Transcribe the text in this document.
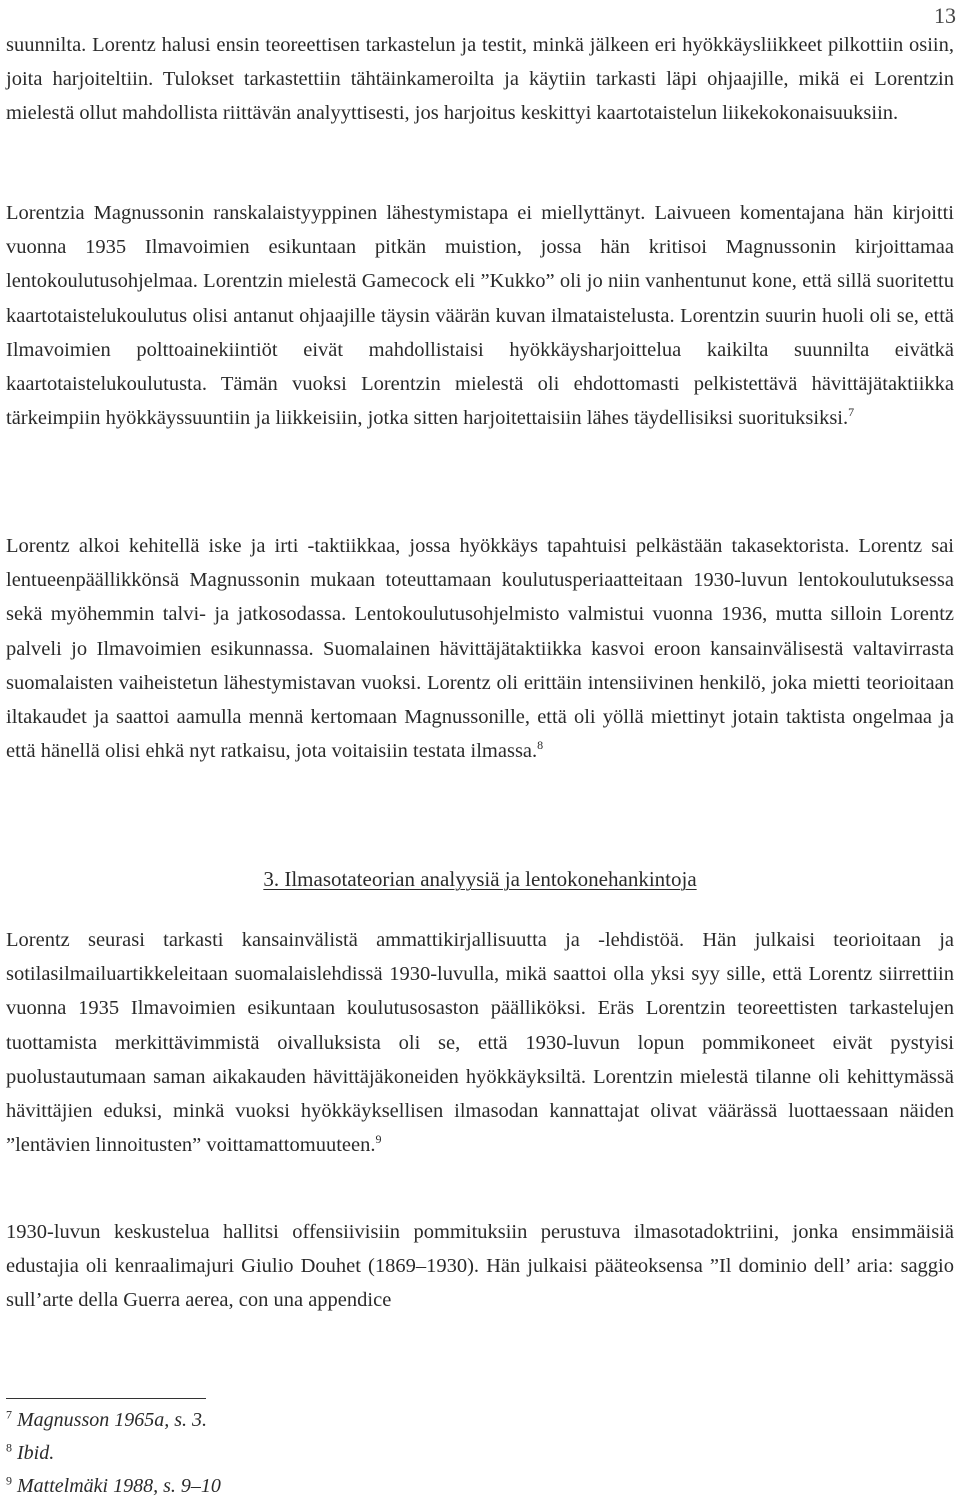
13

suunnilta. Lorentz halusi ensin teoreettisen tarkastelun ja testit, minkä jälkeen eri hyökkäysliikkeet pilkottiin osiin, joita harjoiteltiin. Tulokset tarkastettiin tähtäinkameroilta ja käytiin tarkasti läpi ohjaajille, mikä ei Lorentzin mielestä ollut mahdollista riittävän analyyttisesti, jos harjoitus keskittyi kaartotaistelun liikekokonaisuuksiin.

Lorentzia Magnussonin ranskalaistyyppinen lähestymistapa ei miellyttänyt. Laivueen komentajana hän kirjoitti vuonna 1935 Ilmavoimien esikuntaan pitkän muistion, jossa hän kritisoi Magnussonin kirjoittamaa lentokoulutusohjelmaa. Lorentzin mielestä Gamecock eli ”Kukko” oli jo niin vanhentunut kone, että sillä suoritettu kaartotaistelukoulutus olisi antanut ohjaajille täysin väärän kuvan ilmataistelusta. Lorentzin suurin huoli oli se, että Ilmavoimien polttoainekiintiöt eivät mahdollistaisi hyökkäysharjoittelua kaikilta suunnilta eivätkä kaartotaistelukoulutusta. Tämän vuoksi Lorentzin mielestä oli ehdottomasti pelkistettävä hävittäjätaktiikka tärkeimpiin hyökkäyssuuntiin ja liikkeisiin, jotka sitten harjoitettaisiin lähes täydellisiksi suorituksiksi.$^7$

Lorentz alkoi kehitellä iske ja irti -taktiikkaa, jossa hyökkäys tapahtuisi pelkästään takasektorista. Lorentz sai lentueenpäällikkönsä Magnussonin mukaan toteuttamaan koulutusperiaatteitaan 1930-luvun lentokoulutuksessa sekä myöhemmin talvi- ja jatkosodassa. Lentokoulutusohjelmisto valmistui vuonna 1936, mutta silloin Lorentz palveli jo Ilmavoimien esikunnassa. Suomalainen hävittäjätaktiikka kasvoi eroon kansainvälisestä valtavirrasta suomalaisten vaiheistetun lähestymistavan vuoksi. Lorentz oli erittäin intensiivinen henkilö, joka mietti teorioitaan iltakaudet ja saattoi aamulla mennä kertomaan Magnussonille, että oli yöllä miettinyt jotain taktista ongelmaa ja että hänellä olisi ehkä nyt ratkaisu, jota voitaisiin testata ilmassa.$^8$

3. Ilmasotateorian analyysiä ja lentokonehankintoja

Lorentz seurasi tarkasti kansainvälistä ammattikirjallisuutta ja -lehdistöä. Hän julkaisi teorioitaan ja sotilasilmailuartikkeleitaan suomalaislehdissä 1930-luvulla, mikä saattoi olla yksi syy sille, että Lorentz siirrettiin vuonna 1935 Ilmavoimien esikuntaan koulutusosaston päälliköksi. Eräs Lorentzin teoreettisten tarkastelujen tuottamista merkittävimmistä oivalluksista oli se, että 1930-luvun lopun pommikoneet eivät pystyisi puolustautumaan saman aikakauden hävittäjäkoneiden hyökkäyksiltä. Lorentzin mielestä tilanne oli kehittymässä hävittäjien eduksi, minkä vuoksi hyökkäyksellisen ilmasodan kannattajat olivat väärässä luottaessaan näiden ”lentävien linnoitusten” voittamattomuuteen.$^9$

1930-luvun keskustelua hallitsi offensiivisiin pommituksiin perustuva ilmasotadoktriini, jonka ensimmäisiä edustajia oli kenraalimajuri Giulio Douhet (1869–1930). Hän julkaisi pääteoksensa ”Il dominio dell’ aria: saggio sull’arte della Guerra aerea, con una appendice

$^7$ Magnusson 1965a, s. 3.

$^8$ Ibid.

$^9$ Mattelmäki 1988, s. 9–10
